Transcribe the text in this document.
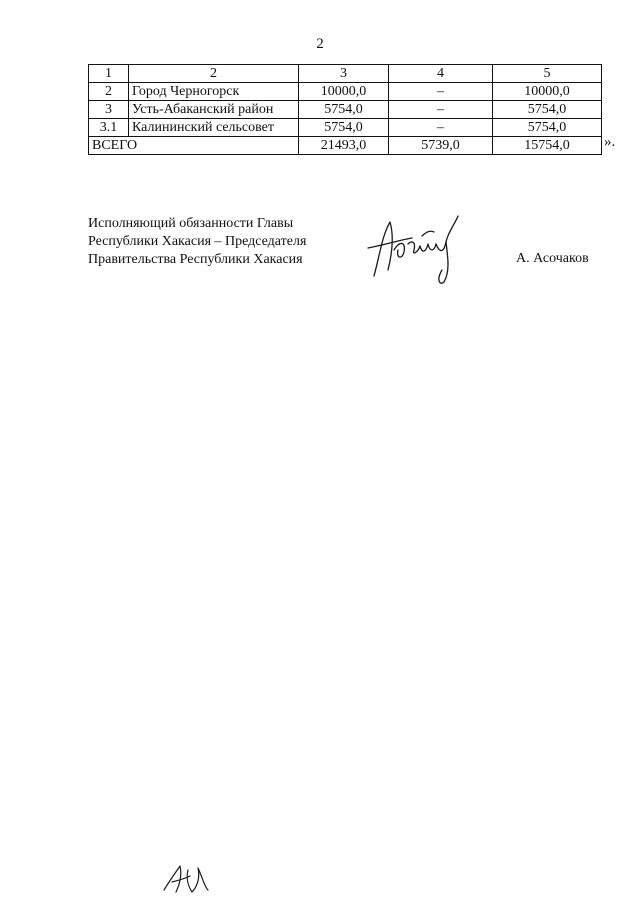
2
1	2	3	4	5
2	Город Черногорск	10000,0	–	10000,0
3	Усть-Абаканский район	5754,0	–	5754,0
3.1	Калининский сельсовет	5754,0	–	5754,0
ВСЕГО		21493,0	5739,0	15754,0 ».
Исполняющий обязанности Главы
Республики Хакасия – Председателя
Правительства Республики Хакасия	А. Асочаков
